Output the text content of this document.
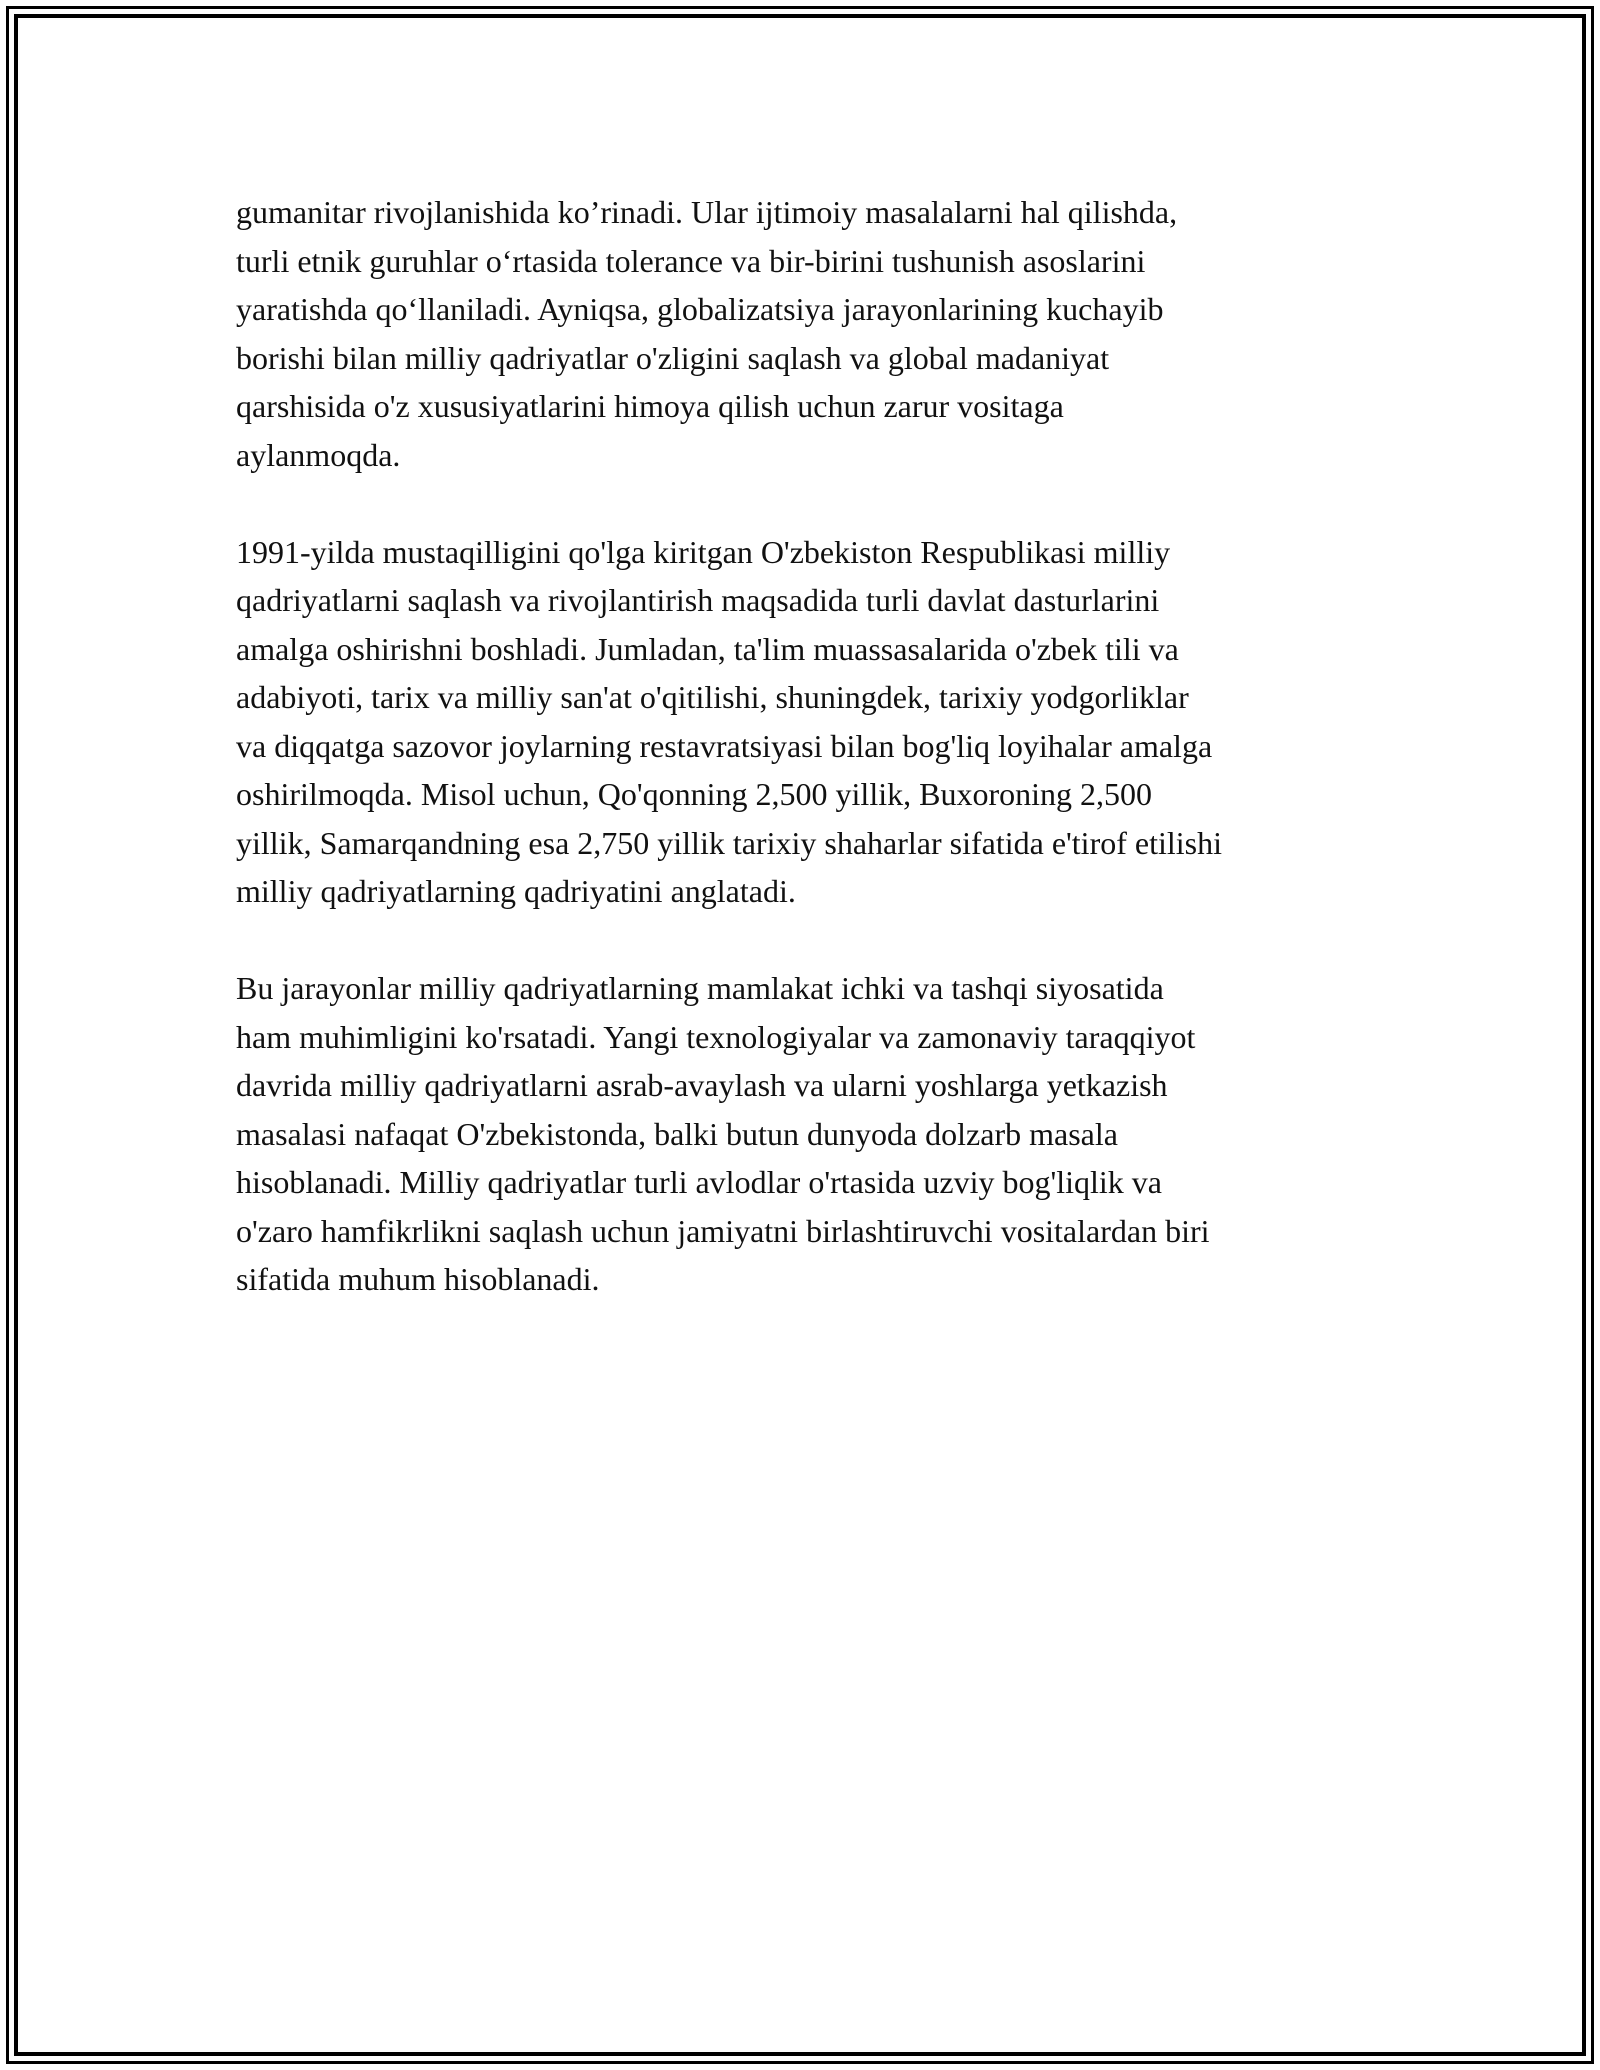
gumanitar rivojlanishida ko’rinadi. Ular ijtimoiy masalalarni hal qilishda,
turli etnik guruhlar o‘rtasida tolerance va bir-birini tushunish asoslarini
yaratishda qo‘llaniladi. Ayniqsa, globalizatsiya jarayonlarining kuchayib
borishi bilan milliy qadriyatlar o'zligini saqlash va global madaniyat
qarshisida o'z xususiyatlarini himoya qilish uchun zarur vositaga
aylanmoqda.

1991-yilda mustaqilligini qo'lga kiritgan O'zbekiston Respublikasi milliy
qadriyatlarni saqlash va rivojlantirish maqsadida turli davlat dasturlarini
amalga oshirishni boshladi. Jumladan, ta'lim muassasalarida o'zbek tili va
adabiyoti, tarix va milliy san'at o'qitilishi, shuningdek, tarixiy yodgorliklar
va diqqatga sazovor joylarning restavratsiyasi bilan bog'liq loyihalar amalga
oshirilmoqda. Misol uchun, Qo'qonning 2,500 yillik, Buxoroning 2,500
yillik, Samarqandning esa 2,750 yillik tarixiy shaharlar sifatida e'tirof etilishi
milliy qadriyatlarning qadriyatini anglatadi.

Bu jarayonlar milliy qadriyatlarning mamlakat ichki va tashqi siyosatida
ham muhimligini ko'rsatadi. Yangi texnologiyalar va zamonaviy taraqqiyot
davrida milliy qadriyatlarni asrab-avaylash va ularni yoshlarga yetkazish
masalasi nafaqat O'zbekistonda, balki butun dunyoda dolzarb masala
hisoblanadi. Milliy qadriyatlar turli avlodlar o'rtasida uzviy bog'liqlik va
o'zaro hamfikrlikni saqlash uchun jamiyatni birlashtiruvchi vositalardan biri
sifatida muhum hisoblanadi.
